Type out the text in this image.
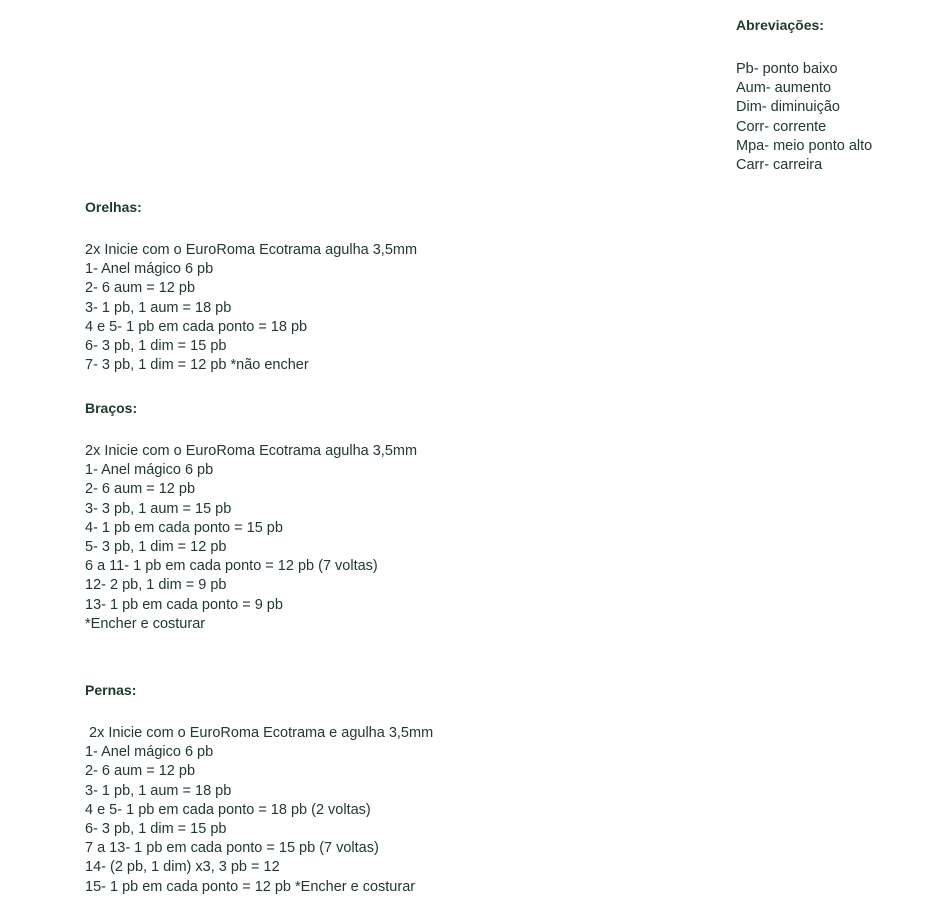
Abreviações:
Pb- ponto baixo
Aum- aumento
Dim- diminuição
Corr- corrente
Mpa- meio ponto alto
Carr- carreira
Orelhas:
2x Inicie com o EuroRoma Ecotrama agulha 3,5mm
1- Anel mágico 6 pb
2- 6 aum = 12 pb
3- 1 pb, 1 aum = 18 pb
4 e 5- 1 pb em cada ponto = 18 pb
6- 3 pb, 1 dim = 15 pb
7- 3 pb, 1 dim = 12 pb *não encher
Braços:
2x Inicie com o EuroRoma Ecotrama agulha 3,5mm
1- Anel mágico 6 pb
2- 6 aum = 12 pb
3- 3 pb, 1 aum = 15 pb
4- 1 pb em cada ponto = 15 pb
5- 3 pb, 1 dim = 12 pb
6 a 11- 1 pb em cada ponto = 12 pb (7 voltas)
12- 2 pb, 1 dim = 9 pb
13- 1 pb em cada ponto = 9 pb
*Encher e costurar
Pernas:
2x Inicie com o EuroRoma Ecotrama e agulha 3,5mm
1- Anel mágico 6 pb
2- 6 aum = 12 pb
3- 1 pb, 1 aum = 18 pb
4 e 5- 1 pb em cada ponto = 18 pb (2 voltas)
6- 3 pb, 1 dim = 15 pb
7 a 13- 1 pb em cada ponto = 15 pb (7 voltas)
14- (2 pb, 1 dim) x3, 3 pb = 12
15- 1 pb em cada ponto = 12 pb *Encher e costurar
